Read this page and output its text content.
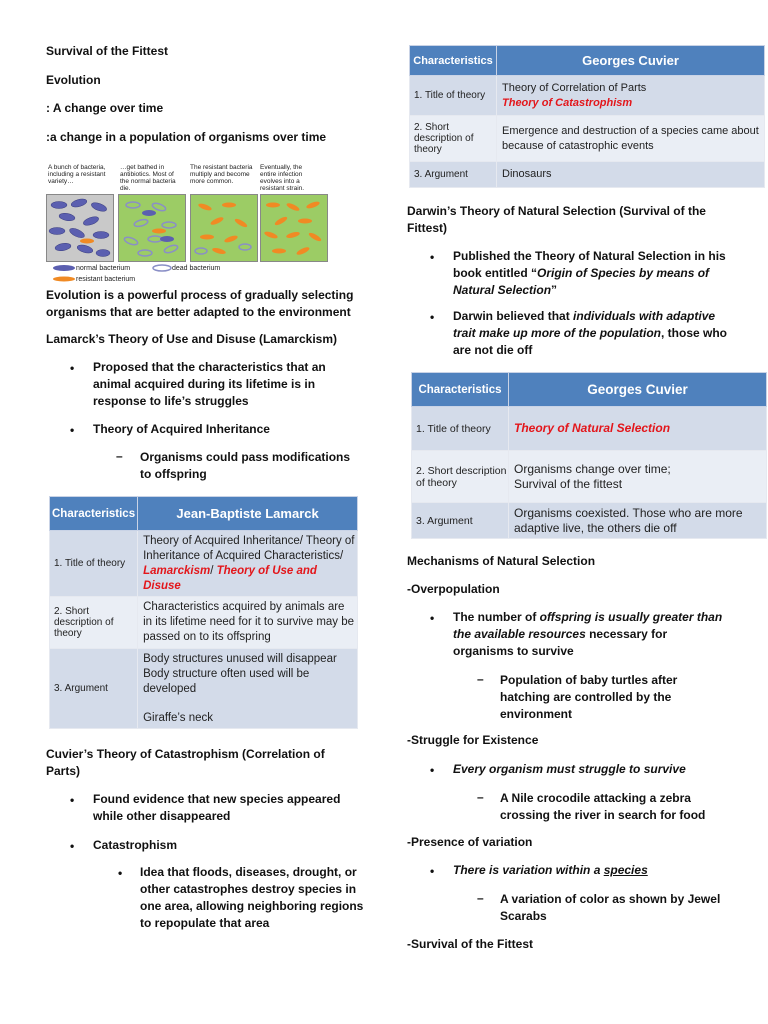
Survival of the Fittest
Evolution
: A change over time
:a change in a population of organisms over time
A bunch of bacteria, including a resistant variety…
…get bathed in antibiotics. Most of the normal bacteria die.
The resistant bacteria multiply and become more common.
Eventually, the entire infection evolves into a resistant strain.
normal bacterium	dead bacterium
resistant bacterium
Evolution is a powerful process of gradually selecting organisms that are better adapted to the environment
Lamarck’s Theory of Use and Disuse (Lamarckism)
• Proposed that the characteristics that an animal acquired during its lifetime is in response to life’s struggles
• Theory of Acquired Inheritance
– Organisms could pass modifications to offspring
Characteristics	Jean-Baptiste Lamarck
1. Title of theory	Theory of Acquired Inheritance/ Theory of Inheritance of Acquired Characteristics/ Lamarckism/ Theory of Use and Disuse
2. Short description of theory	Characteristics acquired by animals are in its lifetime need for it to survive may be passed on to its offspring
3. Argument	Body structures unused will disappear
Body structure often used will be developed
Giraffe’s neck
Cuvier’s Theory of Catastrophism (Correlation of Parts)
• Found evidence that new species appeared while other disappeared
• Catastrophism
• Idea that floods, diseases, drought, or other catastrophes destroy species in one area, allowing neighboring regions to repopulate that area
Characteristics	Georges Cuvier
1. Title of theory	Theory of Correlation of Parts
Theory of Catastrophism

2. Short description of theory	Emergence and destruction of a species came about because of catastrophic events
3. Argument	Dinosaurs
Darwin’s Theory of Natural Selection (Survival of the Fittest)
• Published the Theory of Natural Selection in his book entitled “Origin of Species by means of Natural Selection”
• Darwin believed that individuals with adaptive trait make up more of the population, those who are not die off
Characteristics	Georges Cuvier
1. Title of theory	Theory of Natural Selection
2. Short description of theory	Organisms change over time;
Survival of the fittest

3. Argument	Organisms coexisted. Those who are more adaptive live, the others die off
Mechanisms of Natural Selection
-Overpopulation
• The number of offspring is usually greater than the available resources necessary for organisms to survive
– Population of baby turtles after hatching are controlled by the environment
-Struggle for Existence
• Every organism must struggle to survive
– A Nile crocodile attacking a zebra crossing the river in search for food
-Presence of variation
• There is variation within a species
– A variation of color as shown by Jewel Scarabs
-Survival of the Fittest
